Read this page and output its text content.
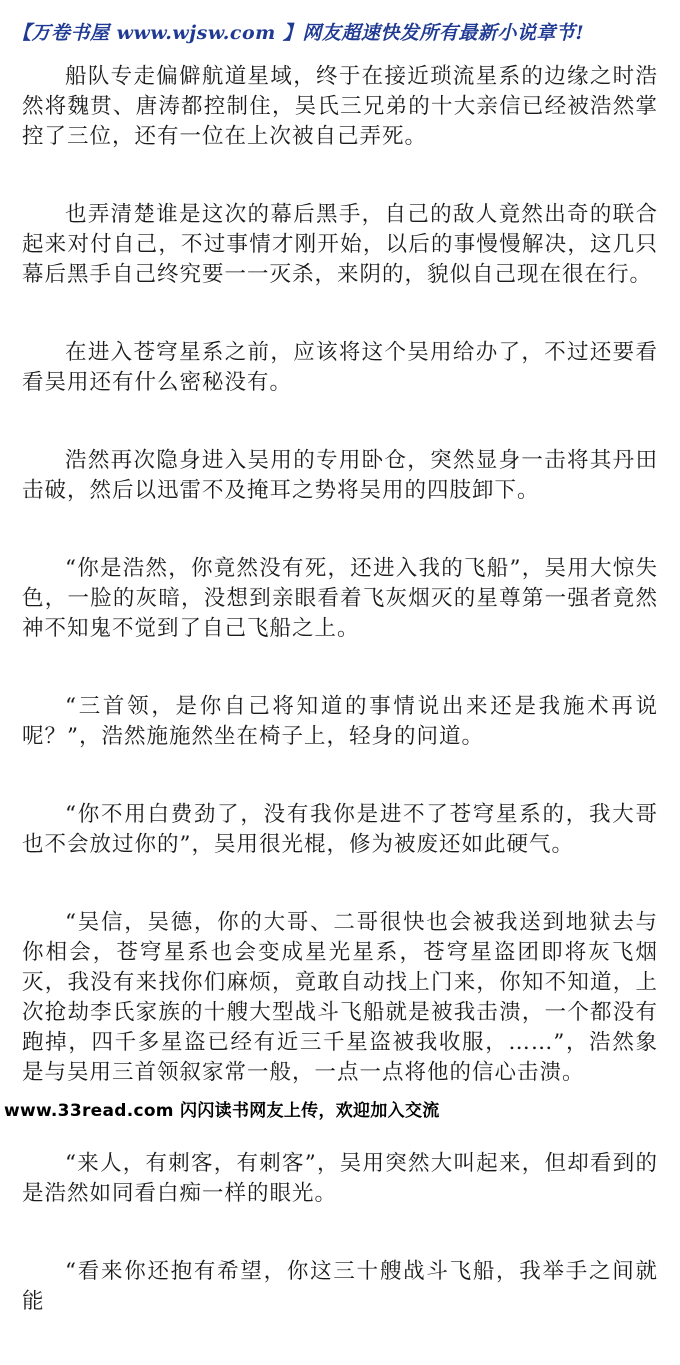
【万卷书屋 www.wjsw.com 】网友超速快发所有最新小说章节!

船队专走偏僻航道星域，终于在接近琐流星系的边缘之时浩然将魏贯、唐涛都控制住，吴氏三兄弟的十大亲信已经被浩然掌控了三位，还有一位在上次被自己弄死。

也弄清楚谁是这次的幕后黑手，自己的敌人竟然出奇的联合起来对付自己，不过事情才刚开始，以后的事慢慢解决，这几只幕后黑手自己终究要一一灭杀，来阴的，貌似自己现在很在行。

在进入苍穹星系之前，应该将这个吴用给办了，不过还要看看吴用还有什么密秘没有。

浩然再次隐身进入吴用的专用卧仓，突然显身一击将其丹田击破，然后以迅雷不及掩耳之势将吴用的四肢卸下。

“你是浩然，你竟然没有死，还进入我的飞船”，吴用大惊失色，一脸的灰暗，没想到亲眼看着飞灰烟灭的星尊第一强者竟然神不知鬼不觉到了自己飞船之上。

“三首领，是你自己将知道的事情说出来还是我施术再说呢？”，浩然施施然坐在椅子上，轻身的问道。

“你不用白费劲了，没有我你是进不了苍穹星系的，我大哥也不会放过你的”，吴用很光棍，修为被废还如此硬气。

“吴信，吴德，你的大哥、二哥很快也会被我送到地狱去与你相会，苍穹星系也会变成星光星系，苍穹星盗团即将灰飞烟灭，我没有来找你们麻烦，竟敢自动找上门来，你知不知道，上次抢劫李氏家族的十艘大型战斗飞船就是被我击溃，一个都没有跑掉，四千多星盗已经有近三千星盗被我收服，……”，浩然象是与吴用三首领叙家常一般，一点一点将他的信心击溃。

www.33read.com 闪闪读书网友上传，欢迎加入交流

“来人，有刺客，有刺客”，吴用突然大叫起来，但却看到的是浩然如同看白痴一样的眼光。

“看来你还抱有希望，你这三十艘战斗飞船，我举手之间就能
